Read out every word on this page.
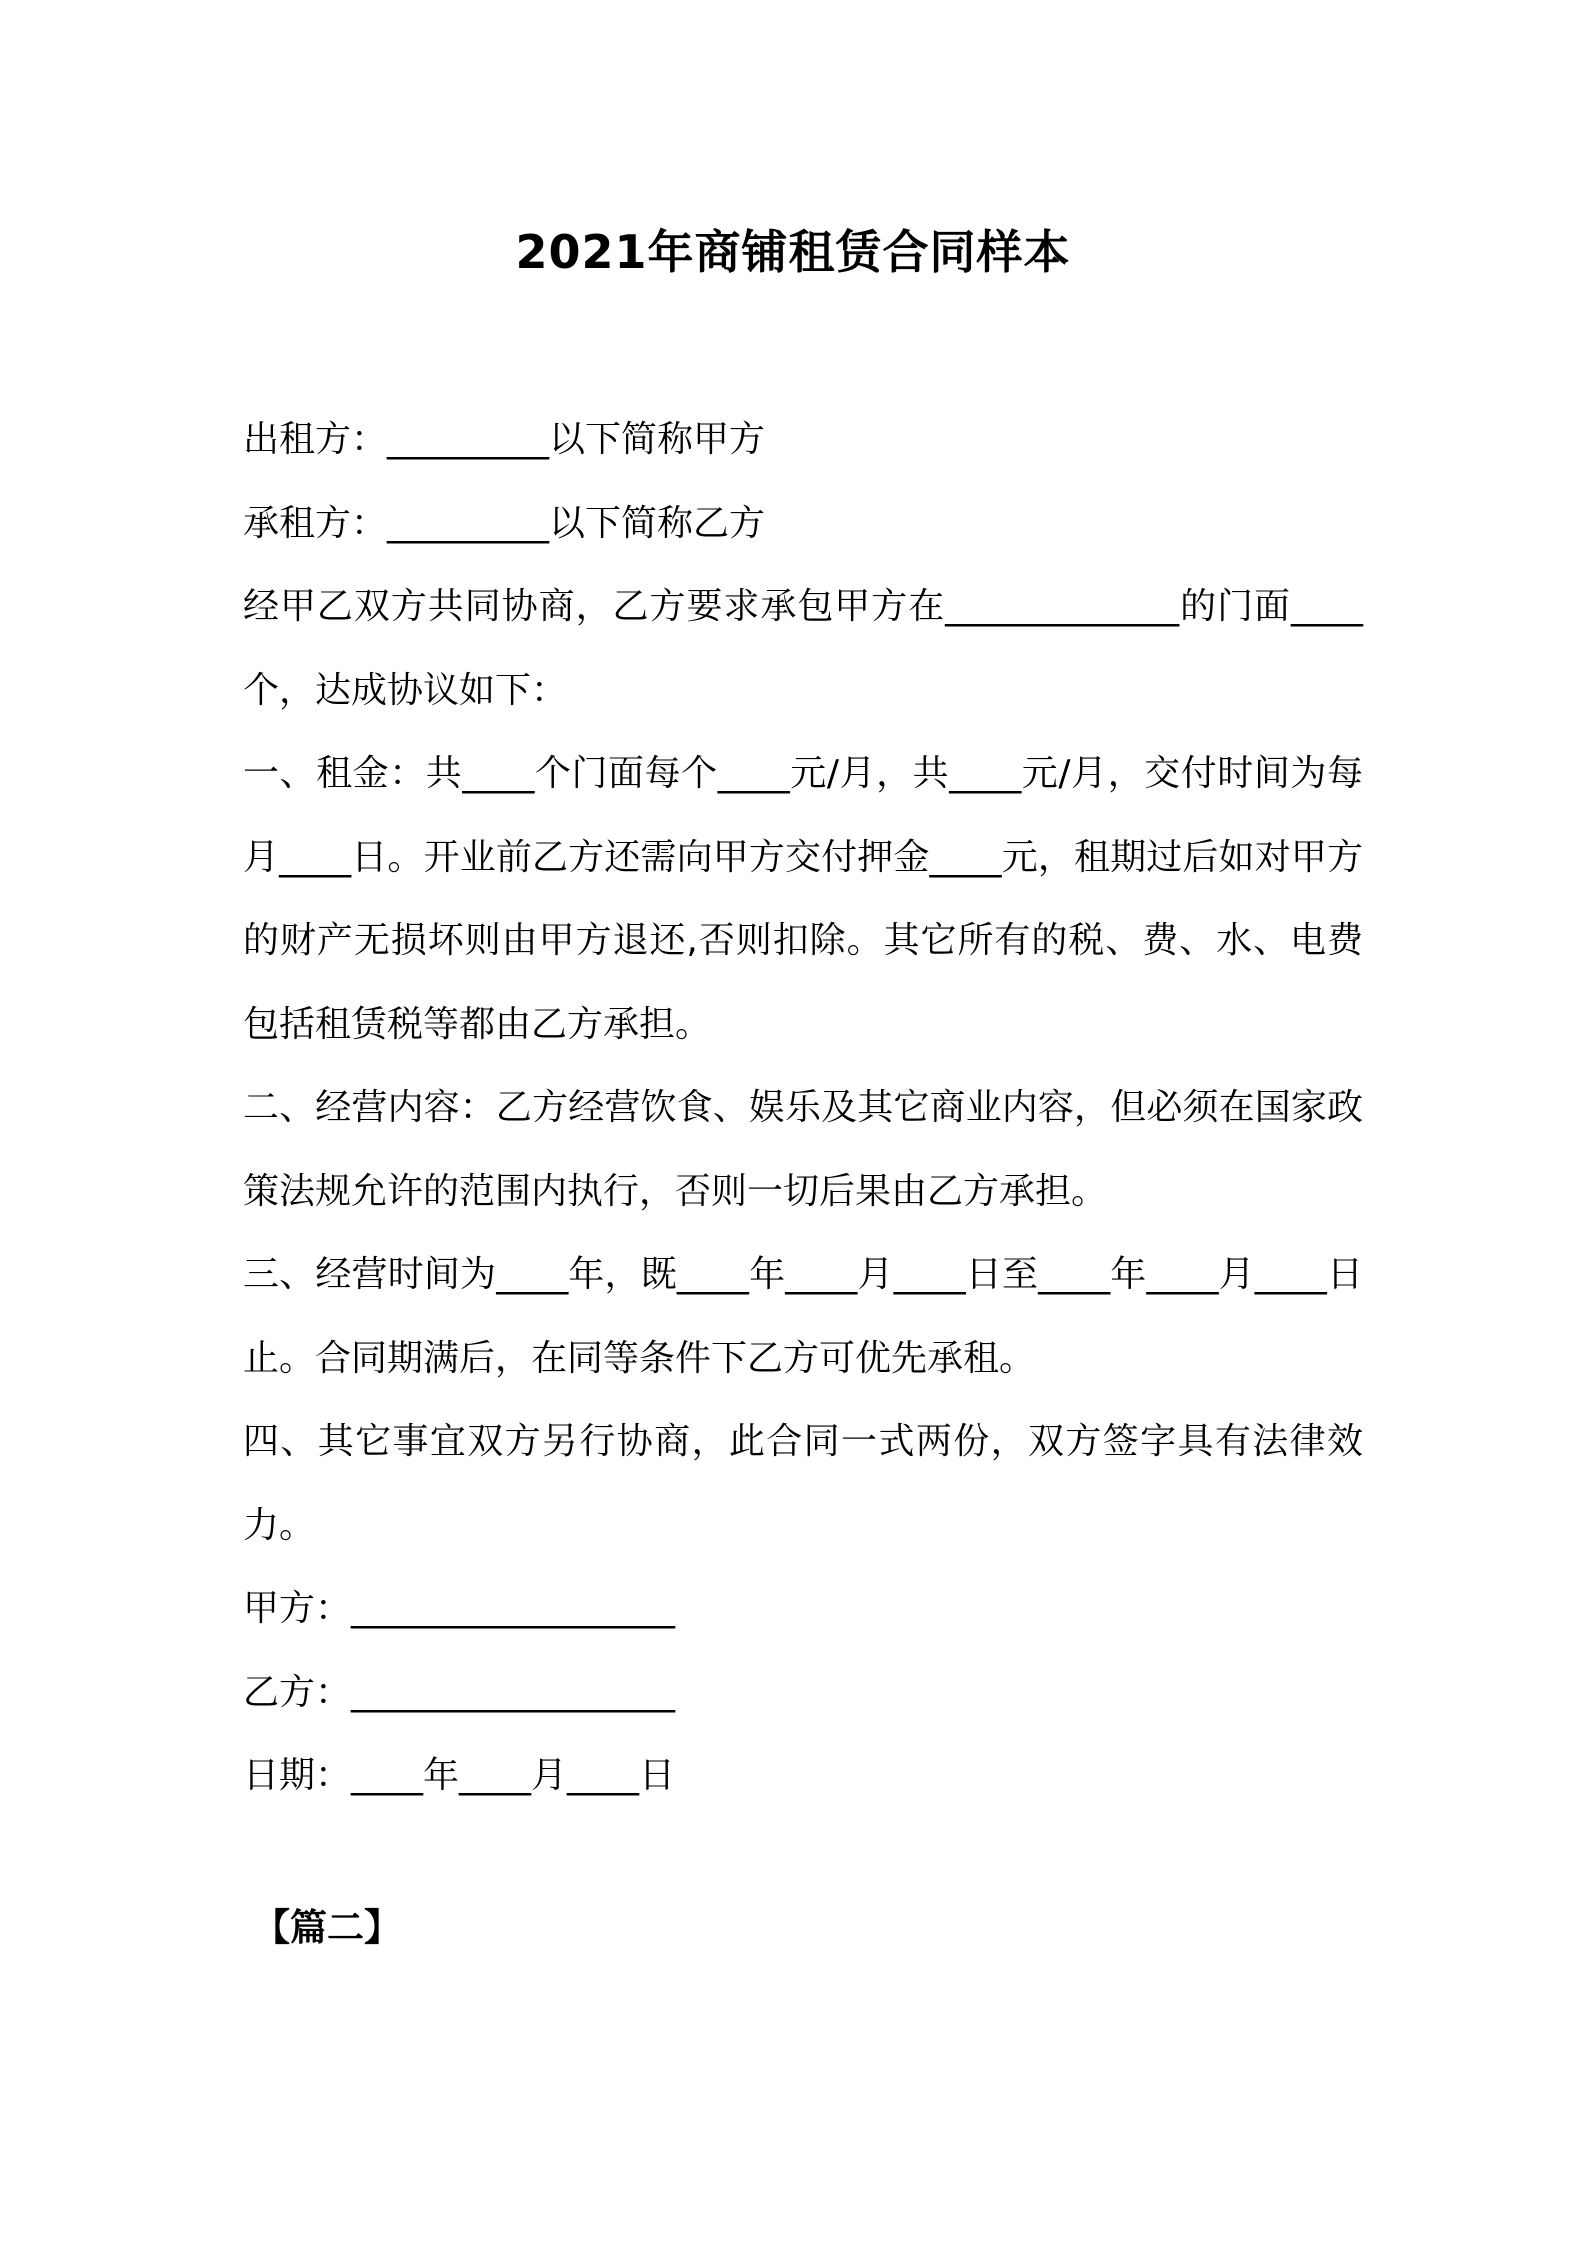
2021年商铺租赁合同样本

出租方：_________以下简称甲方

承租方：_________以下简称乙方

经甲乙双方共同协商，乙方要求承包甲方在_____________的门面____个，达成协议如下：

一、租金：共____个门面每个____元/月，共____元/月，交付时间为每月____日。开业前乙方还需向甲方交付押金____元，租期过后如对甲方的财产无损坏则由甲方退还,否则扣除。其它所有的税、费、水、电费包括租赁税等都由乙方承担。

二、经营内容：乙方经营饮食、娱乐及其它商业内容，但必须在国家政策法规允许的范围内执行，否则一切后果由乙方承担。

三、经营时间为____年，既____年____月____日至____年____月____日止。合同期满后，在同等条件下乙方可优先承租。

四、其它事宜双方另行协商，此合同一式两份，双方签字具有法律效力。

甲方：__________________

乙方：__________________

日期：____年____月____日

【篇二】
